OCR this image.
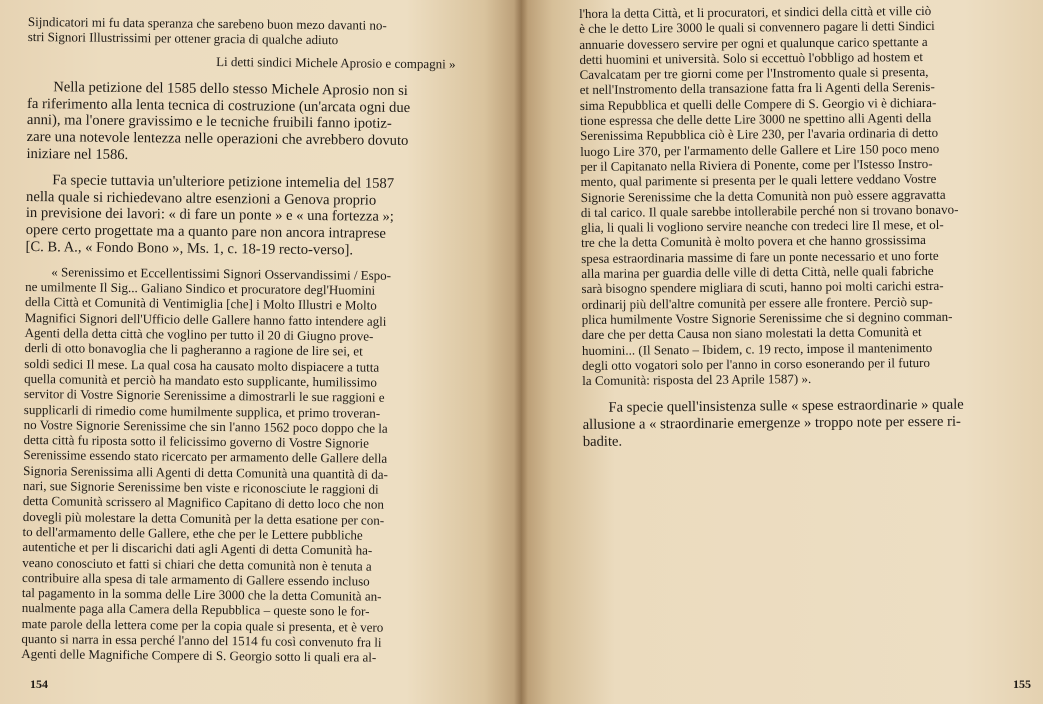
Sijndicatori mi fu data speranza che sarebeno buon mezo davanti no-
stri Signori Illustrissimi per ottener gracia di qualche adiuto

Li detti sindici Michele Aprosio e compagni »

Nella petizione del 1585 dello stesso Michele Aprosio non si
fa riferimento alla lenta tecnica di costruzione (un'arcata ogni due
anni), ma l'onere gravissimo e le tecniche fruibili fanno ipotiz-
zare una notevole lentezza nelle operazioni che avrebbero dovuto
iniziare nel 1586.

Fa specie tuttavia un'ulteriore petizione intemelia del 1587
nella quale si richiedevano altre esenzioni a Genova proprio
in previsione dei lavori: « di fare un ponte » e « una fortezza »;
opere certo progettate ma a quanto pare non ancora intraprese
[C. B. A., « Fondo Bono », Ms. 1, c. 18-19 recto-verso].

« Serenissimo et Eccellentissimi Signori Osservandissimi / Espo-
ne umilmente Il Sig... Galiano Sindico et procuratore degl'Huomini
della Città et Comunità di Ventimiglia [che] i Molto Illustri e Molto
Magnifici Signori dell'Ufficio delle Gallere hanno fatto intendere agli
Agenti della detta città che voglino per tutto il 20 di Giugno prove-
derli di otto bonavoglia che li pagheranno a ragione de lire sei, et
soldi sedici Il mese. La qual cosa ha causato molto dispiacere a tutta
quella comunità et perciò ha mandato esto supplicante, humilissimo
servitor di Vostre Signorie Serenissime a dimostrarli le sue raggioni e
supplicarli di rimedio come humilmente supplica, et primo troveran-
no Vostre Signorie Serenissime che sin l'anno 1562 poco doppo che la
detta città fu riposta sotto il felicissimo governo di Vostre Signorie
Serenissime essendo stato ricercato per armamento delle Gallere della
Signoria Serenissima alli Agenti di detta Comunità una quantità di da-
nari, sue Signorie Serenissime ben viste e riconosciute le raggioni di
detta Comunità scrissero al Magnifico Capitano di detto loco che non
dovegli più molestare la detta Comunità per la detta esatione per con-
to dell'armamento delle Gallere, ethe che per le Lettere pubbliche
autentiche et per li discarichi dati agli Agenti di detta Comunità ha-
veano conosciuto et fatti si chiari che detta comunità non è tenuta a
contribuire alla spesa di tale armamento di Gallere essendo incluso
tal pagamento in la somma delle Lire 3000 che la detta Comunità an-
nualmente paga alla Camera della Repubblica – queste sono le for-
mate parole della lettera come per la copia quale si presenta, et è vero
quanto si narra in essa perché l'anno del 1514 fu così convenuto fra li
Agenti delle Magnifiche Compere di S. Georgio sotto li quali era al-

154

l'hora la detta Città, et li procuratori, et sindici della città et ville ciò
è che le detto Lire 3000 le quali si convennero pagare li detti Sindici
annuarie dovessero servire per ogni et qualunque carico spettante a
detti huomini et università. Solo si eccettuò l'obbligo ad hostem et
Cavalcatam per tre giorni come per l'Instromento quale si presenta,
et nell'Instromento della transazione fatta fra li Agenti della Serenis-
sima Repubblica et quelli delle Compere di S. Georgio vi è dichiara-
tione espressa che delle dette Lire 3000 ne spettino alli Agenti della
Serenissima Repubblica ciò è Lire 230, per l'avaria ordinaria di detto
luogo Lire 370, per l'armamento delle Gallere et Lire 150 poco meno
per il Capitanato nella Riviera di Ponente, come per l'Istesso Instro-
mento, qual parimente si presenta per le quali lettere veddano Vostre
Signorie Serenissime che la detta Comunità non può essere aggravatta
di tal carico. Il quale sarebbe intollerabile perché non si trovano bonavo-
glia, li quali li vogliono servire neanche con tredeci lire Il mese, et ol-
tre che la detta Comunità è molto povera et che hanno grossissima
spesa estraordinaria massime di fare un ponte necessario et uno forte
alla marina per guardia delle ville di detta Città, nelle quali fabriche
sarà bisogno spendere migliara di scuti, hanno poi molti carichi estra-
ordinarij più dell'altre comunità per essere alle frontere. Perciò sup-
plica humilmente Vostre Signorie Serenissime che si degnino comman-
dare che per detta Causa non siano molestati la detta Comunità et
huomini... (Il Senato – Ibidem, c. 19 recto, impose il mantenimento
degli otto vogatori solo per l'anno in corso esonerando per il futuro
la Comunità: risposta del 23 Aprile 1587) ».

Fa specie quell'insistenza sulle « spese estraordinarie » quale
allusione a « straordinarie emergenze » troppo note per essere ri-
badite.

155
